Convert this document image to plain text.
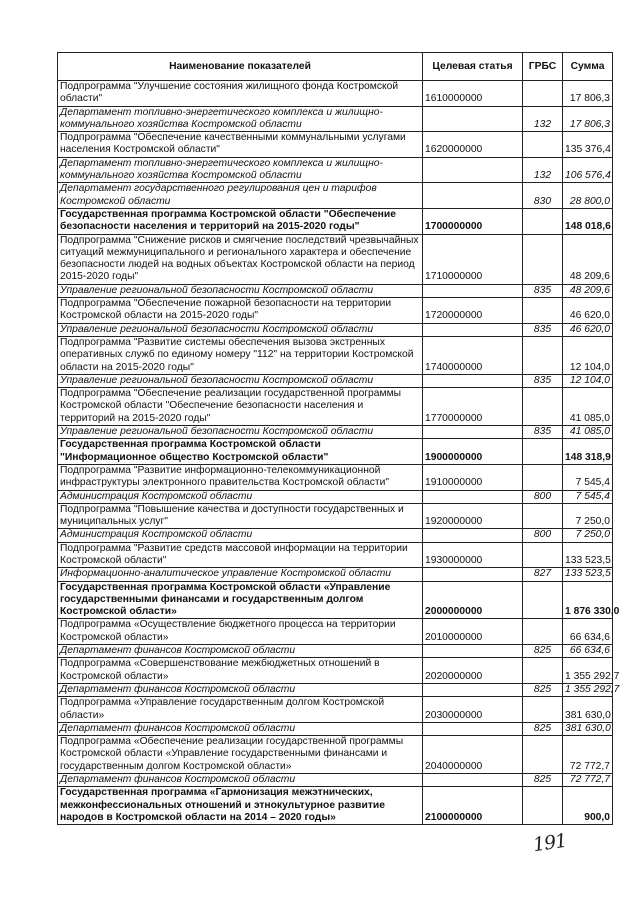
Наименование показателей	Целевая статья	ГРБС	Сумма
Подпрограмма "Улучшение состояния жилищного фонда Костромской области"	1610000000		17 806,3
Департамент топливно-энергетического комплекса и жилищно-коммунального хозяйства Костромской области		132	17 806,3
Подпрограмма "Обеспечение качественными коммунальными услугами населения Костромской области"	1620000000		135 376,4
Департамент топливно-энергетического комплекса и жилищно-коммунального хозяйства Костромской области		132	106 576,4
Департамент государственного регулирования цен и тарифов Костромской области		830	28 800,0
Государственная программа Костромской области "Обеспечение безопасности населения и территорий на 2015-2020 годы"	1700000000		148 018,6
Подпрограмма "Снижение рисков и смягчение последствий чрезвычайных ситуаций межмуниципального и регионального характера и обеспечение безопасности людей на водных объектах Костромской области на период 2015-2020 годы"	1710000000		48 209,6
Управление региональной безопасности Костромской области		835	48 209,6
Подпрограмма "Обеспечение пожарной безопасности на территории Костромской области на 2015-2020 годы"	1720000000		46 620,0
Управление региональной безопасности Костромской области		835	46 620,0
Подпрограмма "Развитие системы обеспечения вызова экстренных оперативных служб по единому номеру "112" на территории Костромской области на 2015-2020 годы"	1740000000		12 104,0
Управление региональной безопасности Костромской области		835	12 104,0
Подпрограмма "Обеспечение реализации государственной программы Костромской области "Обеспечение безопасности населения и территорий на 2015-2020 годы"	1770000000		41 085,0
Управление региональной безопасности Костромской области		835	41 085,0
Государственная программа Костромской области "Информационное общество Костромской области"	1900000000		148 318,9
Подпрограмма "Развитие информационно-телекоммуникационной инфраструктуры электронного правительства Костромской области"	1910000000		7 545,4
Администрация Костромской области		800	7 545,4
Подпрограмма "Повышение качества и доступности государственных и муниципальных услуг"	1920000000		7 250,0
Администрация Костромской области		800	7 250,0
Подпрограмма "Развитие средств массовой информации на территории Костромской области"	1930000000		133 523,5
Информационно-аналитическое управление Костромской области		827	133 523,5
Государственная программа Костромской области «Управление государственными финансами и государственным долгом Костромской области»	2000000000		1 876 330,0
Подпрограмма «Осуществление бюджетного процесса на территории Костромской области»	2010000000		66 634,6
Департамент финансов Костромской области		825	66 634,6
Подпрограмма «Совершенствование межбюджетных отношений в Костромской области»	2020000000		1 355 292,7
Департамент финансов Костромской области		825	1 355 292,7
Подпрограмма «Управление государственным долгом Костромской области»	2030000000		381 630,0
Департамент финансов Костромской области		825	381 630,0
Подпрограмма «Обеспечение реализации государственной программы Костромской области «Управление государственными финансами и государственным долгом Костромской области»	2040000000		72 772,7
Департамент финансов Костромской области		825	72 772,7
Государственная программа «Гармонизация межэтнических, межконфессиональных отношений и этнокультурное развитие народов в Костромской области на 2014 – 2020 годы»	2100000000		900,0
191
